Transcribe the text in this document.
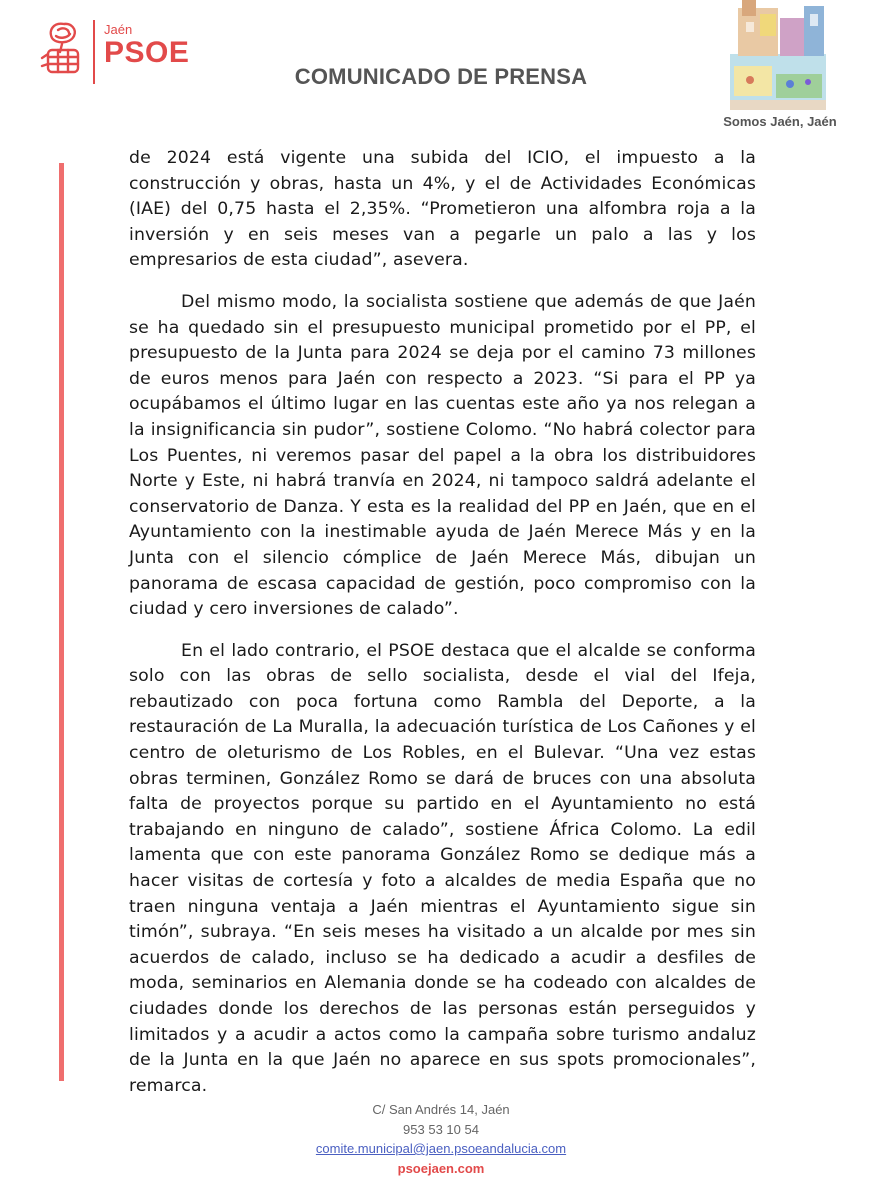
Jaén
PSOE
COMUNICADO DE PRENSA
Somos Jaén, Jaén

de 2024 está vigente una subida del ICIO, el impuesto a la construcción y obras, hasta un 4%, y el de Actividades Económicas (IAE) del 0,75 hasta el 2,35%. “Prometieron una alfombra roja a la inversión y en seis meses van a pegarle un palo a las y los empresarios de esta ciudad”, asevera.

Del mismo modo, la socialista sostiene que además de que Jaén se ha quedado sin el presupuesto municipal prometido por el PP, el presupuesto de la Junta para 2024 se deja por el camino 73 millones de euros menos para Jaén con respecto a 2023. “Si para el PP ya ocupábamos el último lugar en las cuentas este año ya nos relegan a la insignificancia sin pudor”, sostiene Colomo. “No habrá colector para Los Puentes, ni veremos pasar del papel a la obra los distribuidores Norte y Este, ni habrá tranvía en 2024, ni tampoco saldrá adelante el conservatorio de Danza. Y esta es la realidad del PP en Jaén, que en el Ayuntamiento con la inestimable ayuda de Jaén Merece Más y en la Junta con el silencio cómplice de Jaén Merece Más, dibujan un panorama de escasa capacidad de gestión, poco compromiso con la ciudad y cero inversiones de calado”.

En el lado contrario, el PSOE destaca que el alcalde se conforma solo con las obras de sello socialista, desde el vial del Ifeja, rebautizado con poca fortuna como Rambla del Deporte, a la restauración de La Muralla, la adecuación turística de Los Cañones y el centro de oleturismo de Los Robles, en el Bulevar. “Una vez estas obras terminen, González Romo se dará de bruces con una absoluta falta de proyectos porque su partido en el Ayuntamiento no está trabajando en ninguno de calado”, sostiene África Colomo. La edil lamenta que con este panorama González Romo se dedique más a hacer visitas de cortesía y foto a alcaldes de media España que no traen ninguna ventaja a Jaén mientras el Ayuntamiento sigue sin timón”, subraya. “En seis meses ha visitado a un alcalde por mes sin acuerdos de calado, incluso se ha dedicado a acudir a desfiles de moda, seminarios en Alemania donde se ha codeado con alcaldes de ciudades donde los derechos de las personas están perseguidos y limitados y a acudir a actos como la campaña sobre turismo andaluz de la Junta en la que Jaén no aparece en sus spots promocionales”, remarca.

C/ San Andrés 14, Jaén
953 53 10 54
comite.municipal@jaen.psoeandalucia.com
psoejaen.com
